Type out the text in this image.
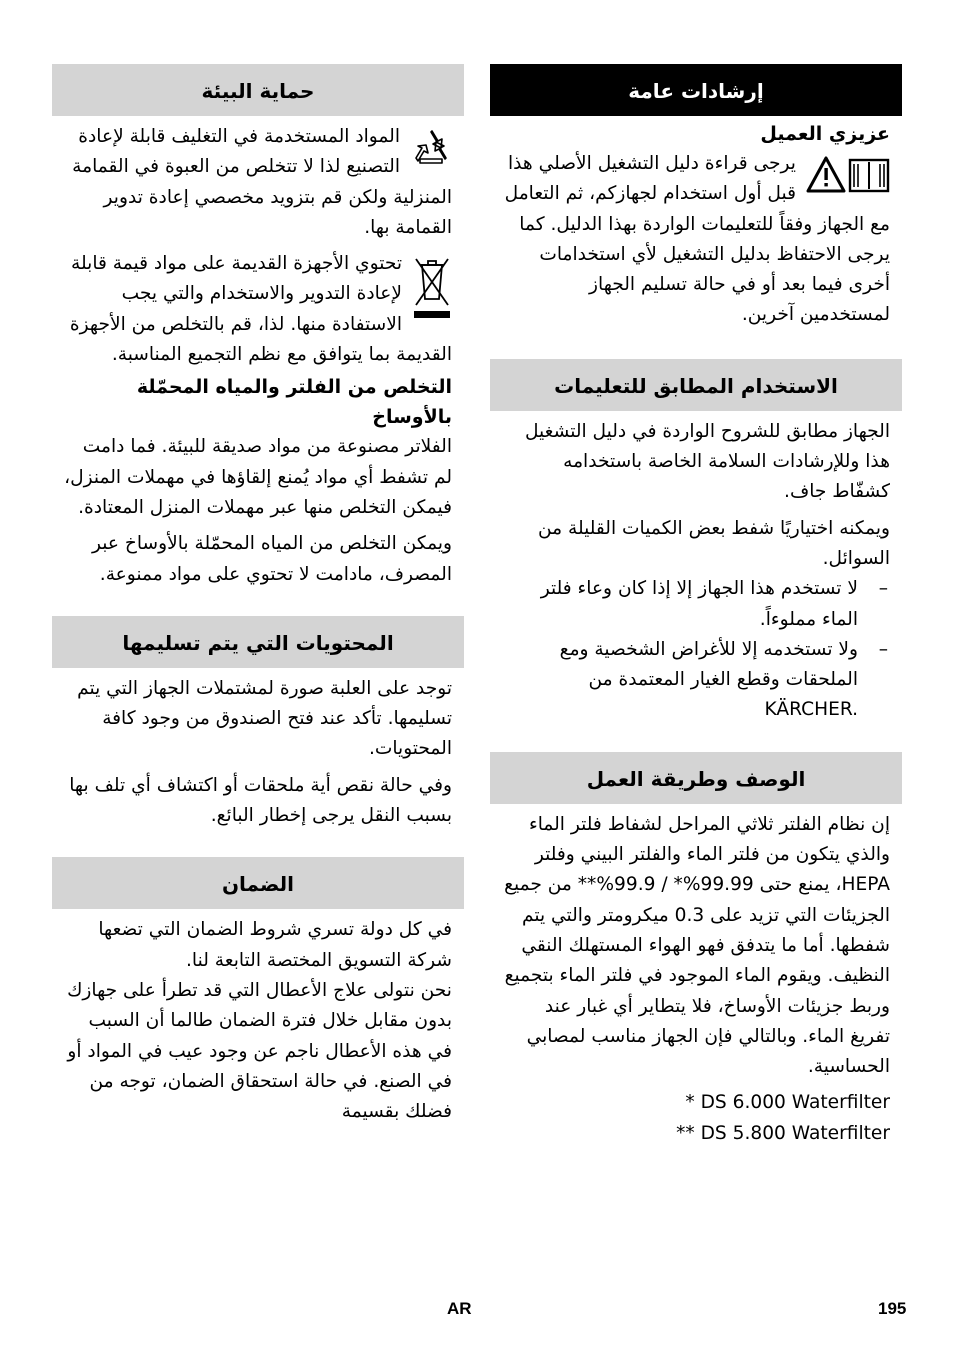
إرشادات عامة

عزيزي العميل

يرجى قراءة دليل التشغيل الأصلي هذا قبل أول استخدام لجهازكم، ثم التعامل مع الجهاز وفقاً للتعليمات الواردة بهذا الدليل. كما يرجى الاحتفاظ بدليل التشغيل لأي استخدامات أخرى فيما بعد أو في حالة تسليم الجهاز لمستخدمين آخرين.

الاستخدام المطابق للتعليمات

الجهاز مطابق للشروح الواردة في دليل التشغيل هذا وللإرشادات السلامة الخاصة باستخدامه كشفّاط جاف.

ويمكنه اختياريًا شفط بعض الكميات القليلة من السوائل.

–
لا تستخدم هذا الجهاز إلا إذا كان وعاء فلتر الماء مملوءاً.
–
ولا تستخدمه إلا للأغراض الشخصية ومع الملحقات وقطع الغيار المعتمدة من
KÄRCHER.
الوصف وطريقة العمل

إن نظام الفلتر ثلاثي المراحل لشفاط فلتر الماء والذي يتكون من فلتر الماء والفلتر البيني وفلتر HEPA، يمنع حتى 99.99%* / 99.9%** من جميع الجزيئات التي تزيد على 0.3 ميكرومتر والتي يتم شفطها. أما ما يتدفق فهو الهواء المستهلك النقي النظيف. ويقوم الماء الموجود في فلتر الماء بتجميع وربط جزيئات الأوساخ، فلا يتطاير أي غبار عند تفريغ الماء. وبالتالي فإن الجهاز مناسب لمصابي الحساسية.

* DS 6.000 Waterfilter
** DS 5.800 Waterfilter
حماية البيئة

المواد المستخدمة في التغليف قابلة لإعادة التصنيع لذا لا تتخلص من العبوة في القمامة المنزلية ولكن قم بتزويد مخصصي إعادة تدوير القمامة بها.

تحتوي الأجهزة القديمة على مواد قيمة قابلة لإعادة التدوير والاستخدام والتي يجب الاستفادة منها. لذا، قم بالتخلص من الأجهزة القديمة بما يتوافق مع نظم التجميع المناسبة.

التخلص من الفلتر والمياه المحمّلة بالأوساخ

الفلاتر مصنوعة من مواد صديقة للبيئة. فما دامت لم تشفط أي مواد يُمنع إلقاؤها في مهملات المنزل، فيمكن التخلص منها عبر مهملات المنزل المعتادة.

ويمكن التخلص من المياه المحمّلة بالأوساخ عبر المصرف، مادامت لا تحتوي على مواد ممنوعة.

المحتويات التي يتم تسليمها

توجد على العلبة صورة لمشتملات الجهاز التي يتم تسليمها. تأكد عند فتح الصندوق من وجود كافة المحتويات.

وفي حالة نقص أية ملحقات أو اكتشاف أي تلف بها بسبب النقل يرجى إخطار البائع.

الضمان

في كل دولة تسري شروط الضمان التي تضعها شركة التسويق المختصة التابعة لنا.

نحن نتولى علاج الأعطال التي قد تطرأ على جهازك بدون مقابل خلال فترة الضمان طالما أن السبب في هذه الأعطال ناجم عن وجود عيب في المواد أو في الصنع. في حالة استحقاق الضمان، توجه من فضلك بقسيمة

AR	195
